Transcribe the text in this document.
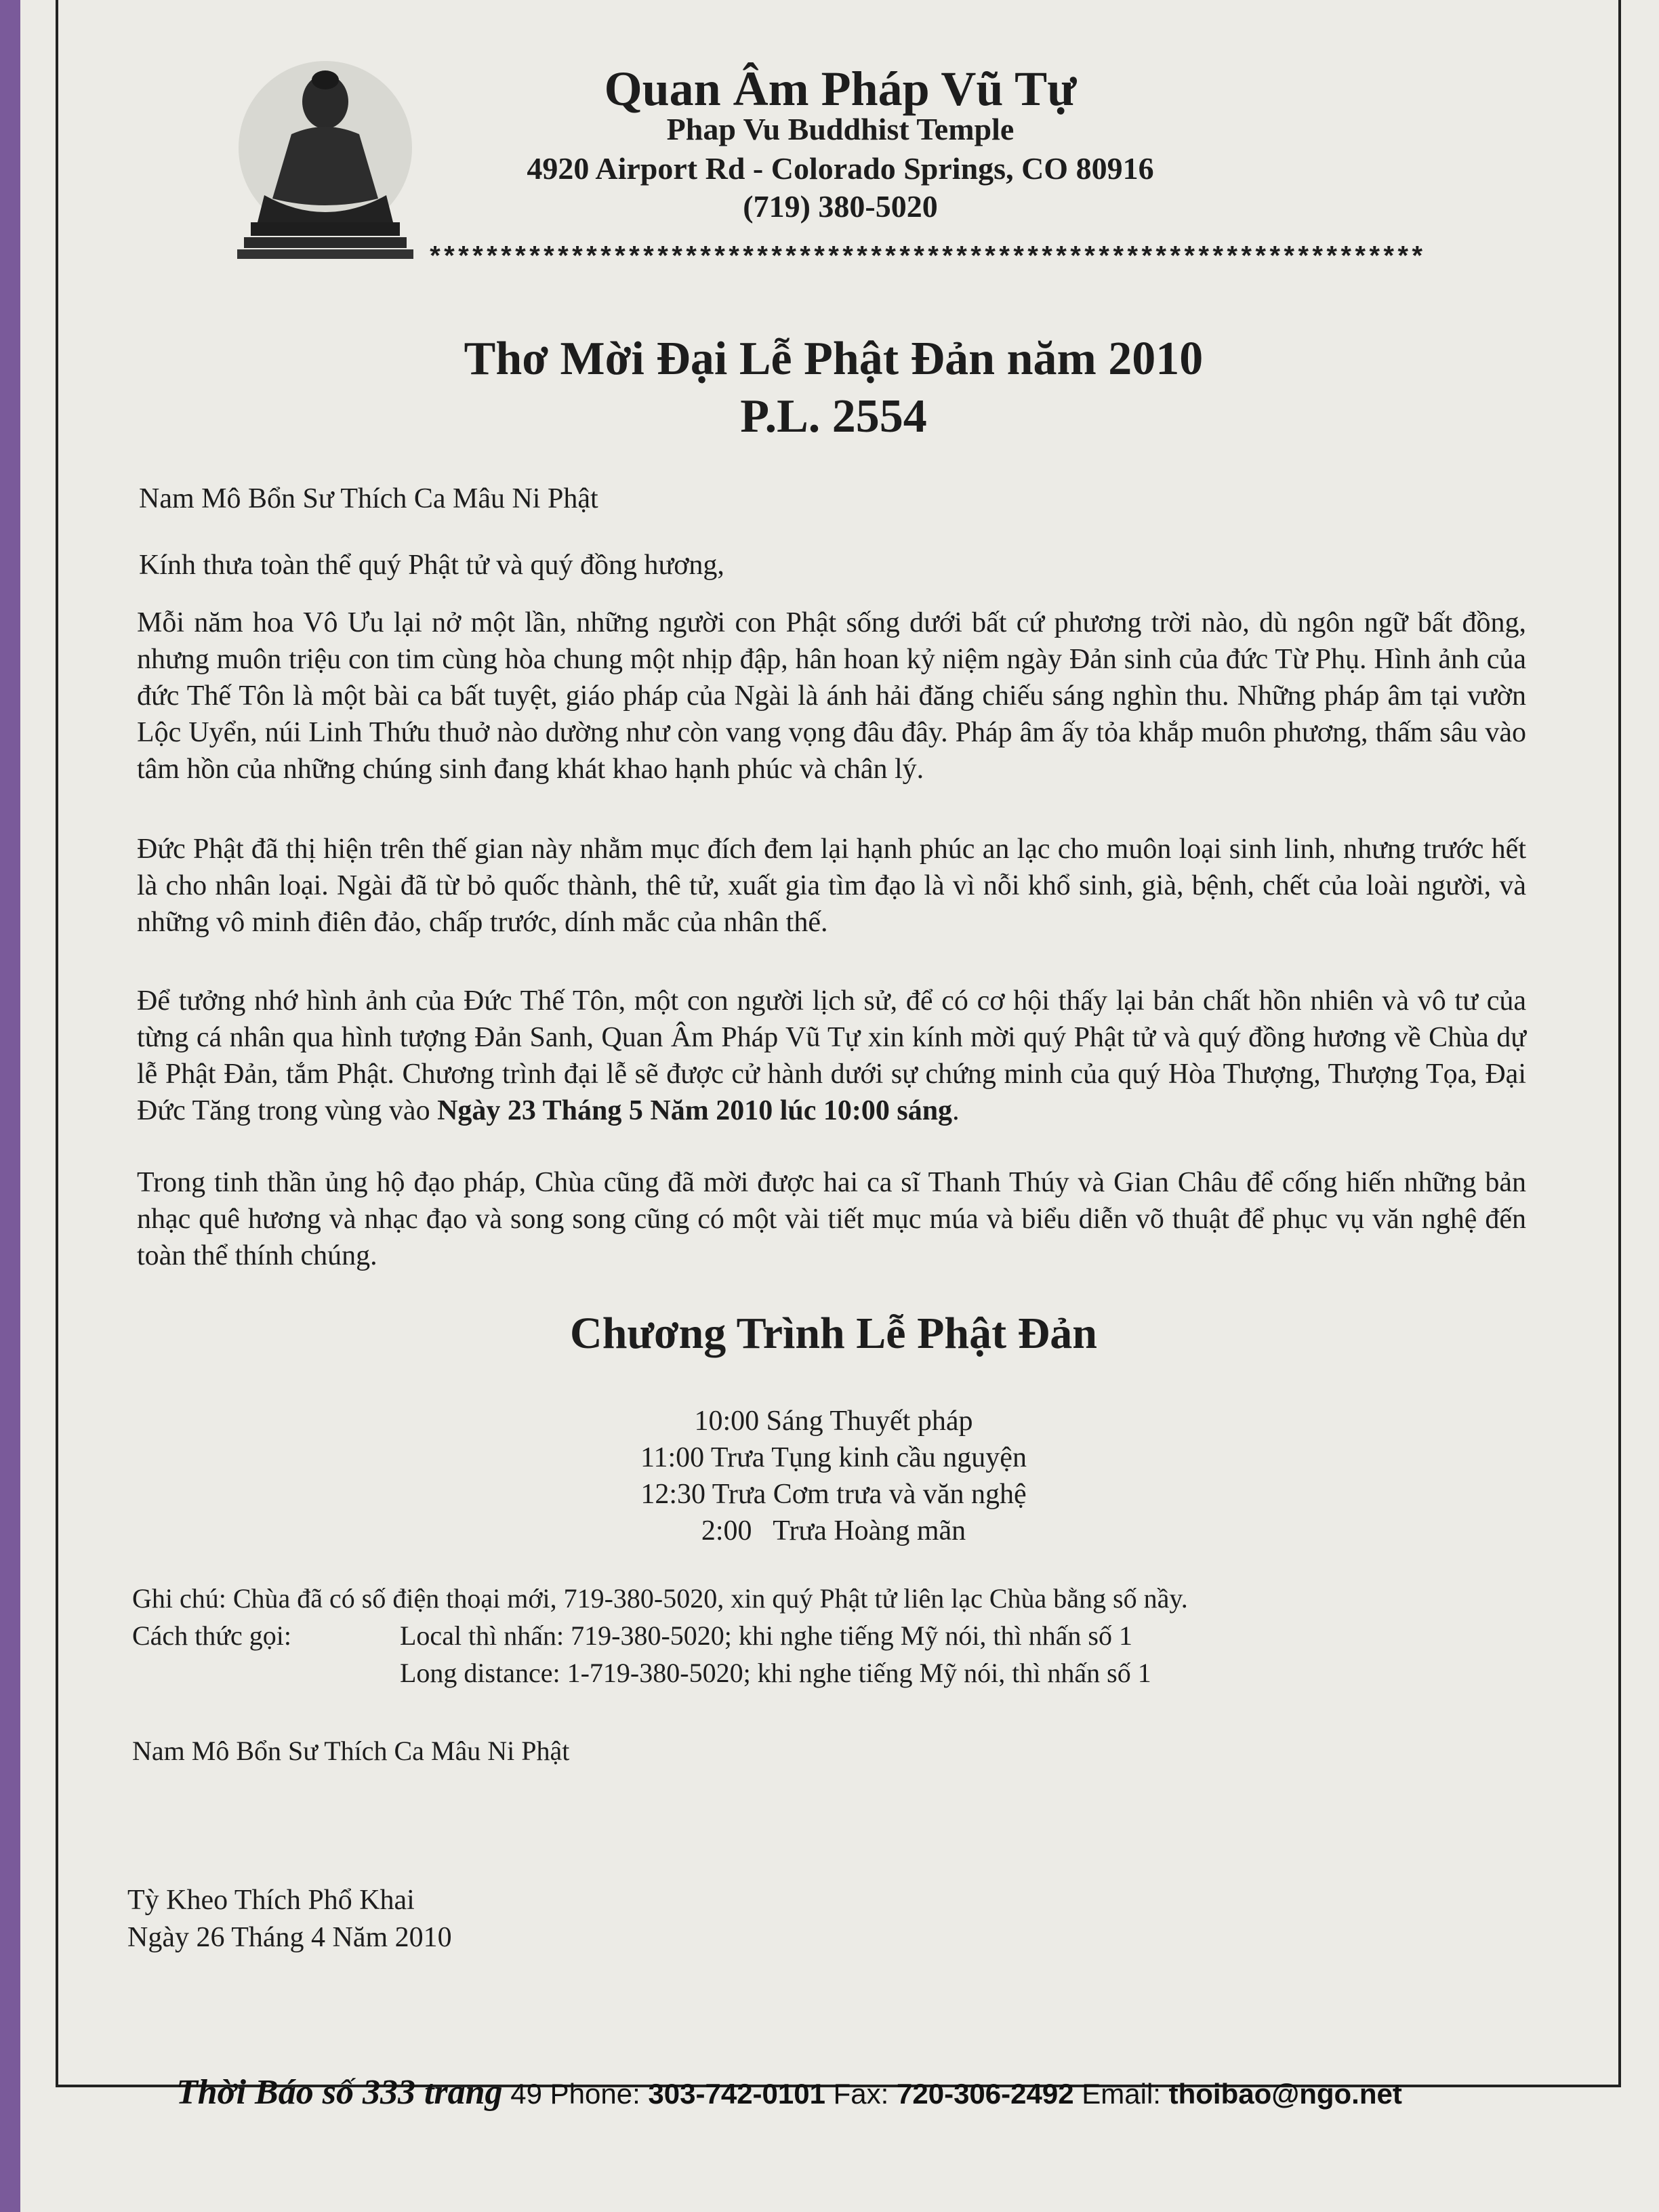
Quan Âm Pháp Vũ Tự
Phap Vu Buddhist Temple
4920 Airport Rd - Colorado Springs, CO 80916
(719) 380-5020
**********************************************************************
Thơ Mời Đại Lễ Phật Đản năm 2010
P.L. 2554
Nam Mô Bổn Sư Thích Ca Mâu Ni Phật
Kính thưa toàn thể quý Phật tử và quý đồng hương,
Mỗi năm hoa Vô Ưu lại nở một lần, những người con Phật sống dưới bất cứ phương trời nào, dù ngôn ngữ bất đồng, nhưng muôn triệu con tim cùng hòa chung một nhịp đập, hân hoan kỷ niệm ngày Đản sinh của đức Từ Phụ. Hình ảnh của đức Thế Tôn là một bài ca bất tuyệt, giáo pháp của Ngài là ánh hải đăng chiếu sáng nghìn thu. Những pháp âm tại vườn Lộc Uyển, núi Linh Thứu thuở nào dường như còn vang vọng đâu đây. Pháp âm ấy tỏa khắp muôn phương, thấm sâu vào tâm hồn của những chúng sinh đang khát khao hạnh phúc và chân lý.
Đức Phật đã thị hiện trên thế gian này nhằm mục đích đem lại hạnh phúc an lạc cho muôn loại sinh linh, nhưng trước hết là cho nhân loại. Ngài đã từ bỏ quốc thành, thê tử, xuất gia tìm đạo là vì nỗi khổ sinh, già, bệnh, chết của loài người, và những vô minh điên đảo, chấp trước, dính mắc của nhân thế.
Để tưởng nhớ hình ảnh của Đức Thế Tôn, một con người lịch sử, để có cơ hội thấy lại bản chất hồn nhiên và vô tư của từng cá nhân qua hình tượng Đản Sanh, Quan Âm Pháp Vũ Tự xin kính mời quý Phật tử và quý đồng hương về Chùa dự lễ Phật Đản, tắm Phật. Chương trình đại lễ sẽ được cử hành dưới sự chứng minh của quý Hòa Thượng, Thượng Tọa, Đại Đức Tăng trong vùng vào Ngày 23 Tháng 5 Năm 2010 lúc 10:00 sáng.
Trong tinh thần ủng hộ đạo pháp, Chùa cũng đã mời được hai ca sĩ Thanh Thúy và Gian Châu để cống hiến những bản nhạc quê hương và nhạc đạo và song song cũng có một vài tiết mục múa và biểu diễn võ thuật để phục vụ văn nghệ đến toàn thể thính chúng.
Chương Trình Lễ Phật Đản
10:00 Sáng Thuyết pháp
11:00 Trưa Tụng kinh cầu nguyện
12:30 Trưa Cơm trưa và văn nghệ
2:00   Trưa Hoàng mãn
Ghi chú: Chùa đã có số điện thoại mới, 719-380-5020, xin quý Phật tử liên lạc Chùa bằng số nầy.
Cách thức gọi:	Local thì nhấn: 719-380-5020; khi nghe tiếng Mỹ nói, thì nhấn số 1
Long distance: 1-719-380-5020; khi nghe tiếng Mỹ nói, thì nhấn số 1
Nam Mô Bổn Sư Thích Ca Mâu Ni Phật
Tỳ Kheo Thích Phổ Khai
Ngày 26 Tháng 4 Năm 2010
Thời Báo số 333 trang 49 Phone: 303-742-0101 Fax: 720-306-2492 Email: thoibao@ngo.net
